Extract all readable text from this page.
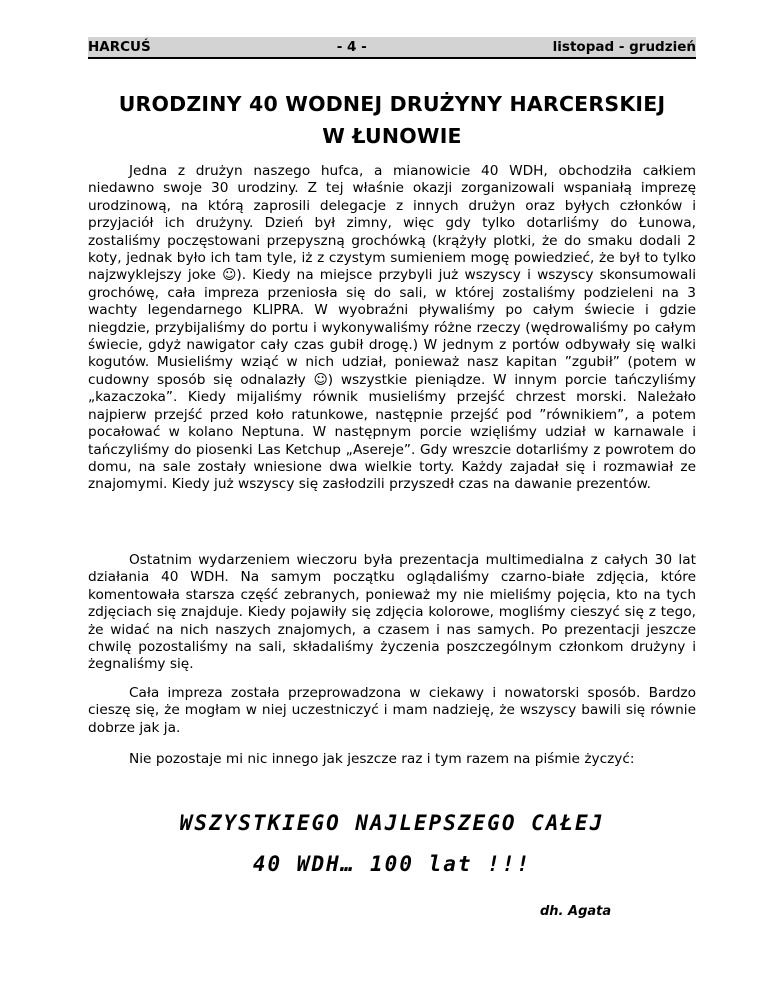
HARCUŚ	- 4 -	listopad - grudzień
URODZINY 40 WODNEJ DRUŻYNY HARCERSKIEJ
W ŁUNOWIE

Jedna z drużyn naszego hufca, a mianowicie 40 WDH, obchodziła całkiem niedawno swoje 30 urodziny. Z tej właśnie okazji zorganizowali wspaniałą imprezę urodzinową, na którą zaprosili delegacje z innych drużyn oraz byłych członków i przyjaciół ich drużyny. Dzień był zimny, więc gdy tylko dotarliśmy do Łunowa, zostaliśmy poczęstowani przepyszną grochówką (krążyły plotki, że do smaku dodali 2 koty, jednak było ich tam tyle, iż z czystym sumieniem mogę powiedzieć, że był to tylko najzwyklejszy joke ☺). Kiedy na miejsce przybyli już wszyscy i wszyscy skonsumowali grochówę, cała impreza przeniosła się do sali, w której zostaliśmy podzieleni na 3 wachty legendarnego KLIPRA. W wyobraźni pływaliśmy po całym świecie i gdzie niegdzie, przybijaliśmy do portu i wykonywaliśmy różne rzeczy (wędrowaliśmy po całym świecie, gdyż nawigator cały czas gubił drogę.) W jednym z portów odbywały się walki kogutów. Musieliśmy wziąć w nich udział, ponieważ nasz kapitan ”zgubił” (potem w cudowny sposób się odnalazły ☺) wszystkie pieniądze. W innym porcie tańczyliśmy „kazaczoka”. Kiedy mijaliśmy równik musieliśmy przejść chrzest morski. Należało najpierw przejść przed koło ratunkowe, następnie przejść pod ”równikiem”, a potem pocałować w kolano Neptuna. W następnym porcie wzięliśmy udział w karnawale i tańczyliśmy do piosenki Las Ketchup „Asereje”. Gdy wreszcie dotarliśmy z powrotem do domu, na sale zostały wniesione dwa wielkie torty. Każdy zajadał się i rozmawiał ze znajomymi. Kiedy już wszyscy się zasłodzili przyszedł czas na dawanie prezentów.

Ostatnim wydarzeniem wieczoru była prezentacja multimedialna z całych 30 lat działania 40 WDH. Na samym początku oglądaliśmy czarno-białe zdjęcia, które komentowała starsza część zebranych, ponieważ my nie mieliśmy pojęcia, kto na tych zdjęciach się znajduje. Kiedy pojawiły się zdjęcia kolorowe, mogliśmy cieszyć się z tego, że widać na nich naszych znajomych, a czasem i nas samych. Po prezentacji jeszcze chwilę pozostaliśmy na sali, składaliśmy życzenia poszczególnym członkom drużyny i żegnaliśmy się.

Cała impreza została przeprowadzona w ciekawy i nowatorski sposób. Bardzo cieszę się, że mogłam w niej uczestniczyć i mam nadzieję, że wszyscy bawili się równie dobrze jak ja.

Nie pozostaje mi nic innego jak jeszcze raz i tym razem na piśmie życzyć:

WSZYSTKIEGO NAJLEPSZEGO CAŁEJ
40 WDH… 100 lat !!!
dh. Agata
